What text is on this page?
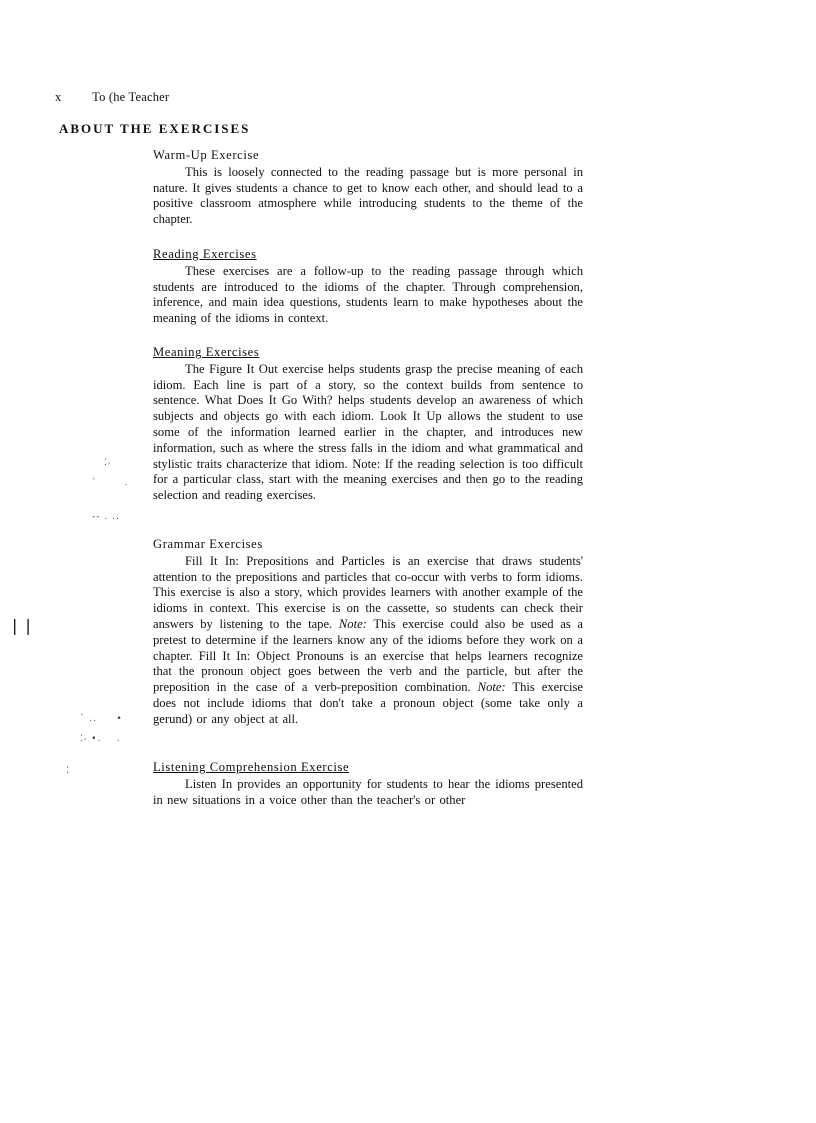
x To (he Teacher
ABOUT THE EXERCISES
Warm-Up Exercise

This is loosely connected to the reading passage but is more personal in nature. It gives students a chance to get to know each other, and should lead to a positive classroom atmosphere while introducing students to the theme of the chapter.

Reading Exercises

These exercises are a follow-up to the reading passage through which students are introduced to the idioms of the chapter. Through comprehension, inference, and main idea questions, students learn to make hypotheses about the meaning of the idioms in context.

Meaning Exercises

The Figure It Out exercise helps students grasp the precise meaning of each idiom. Each line is part of a story, so the context builds from sentence to sentence. What Does It Go With? helps students develop an awareness of which subjects and objects go with each idiom. Look It Up allows the student to use some of the information learned earlier in the chapter, and introduces new information, such as where the stress falls in the idiom and what grammatical and stylistic traits characterize that idiom. Note: If the reading selection is too difficult for a particular class, start with the meaning exercises and then go to the reading selection and reading exercises.

Grammar Exercises

Fill It In: Prepositions and Particles is an exercise that draws students' attention to the prepositions and particles that co-occur with verbs to form idioms. This exercise is also a story, which provides learners with another example of the idioms in context. This exercise is on the cassette, so students can check their answers by listening to the tape. Note: This exercise could also be used as a pretest to determine if the learners know any of the idioms before they work on a chapter. Fill It In: Object Pronouns is an exercise that helps learners recognize that the pronoun object goes between the verb and the particle, but after the preposition in the case of a verb-preposition combination. Note: This exercise does not include idioms that don't take a pronoun object (some take only a gerund) or any object at all.

Listening Comprehension Exercise

Listen In provides an opportunity for students to hear the idioms presented in new situations in a voice other than the teacher's or other

⁚⸳
`       .
-- . ..
❘❘
` ..     •
⁚⸳ •.    .
⁚
